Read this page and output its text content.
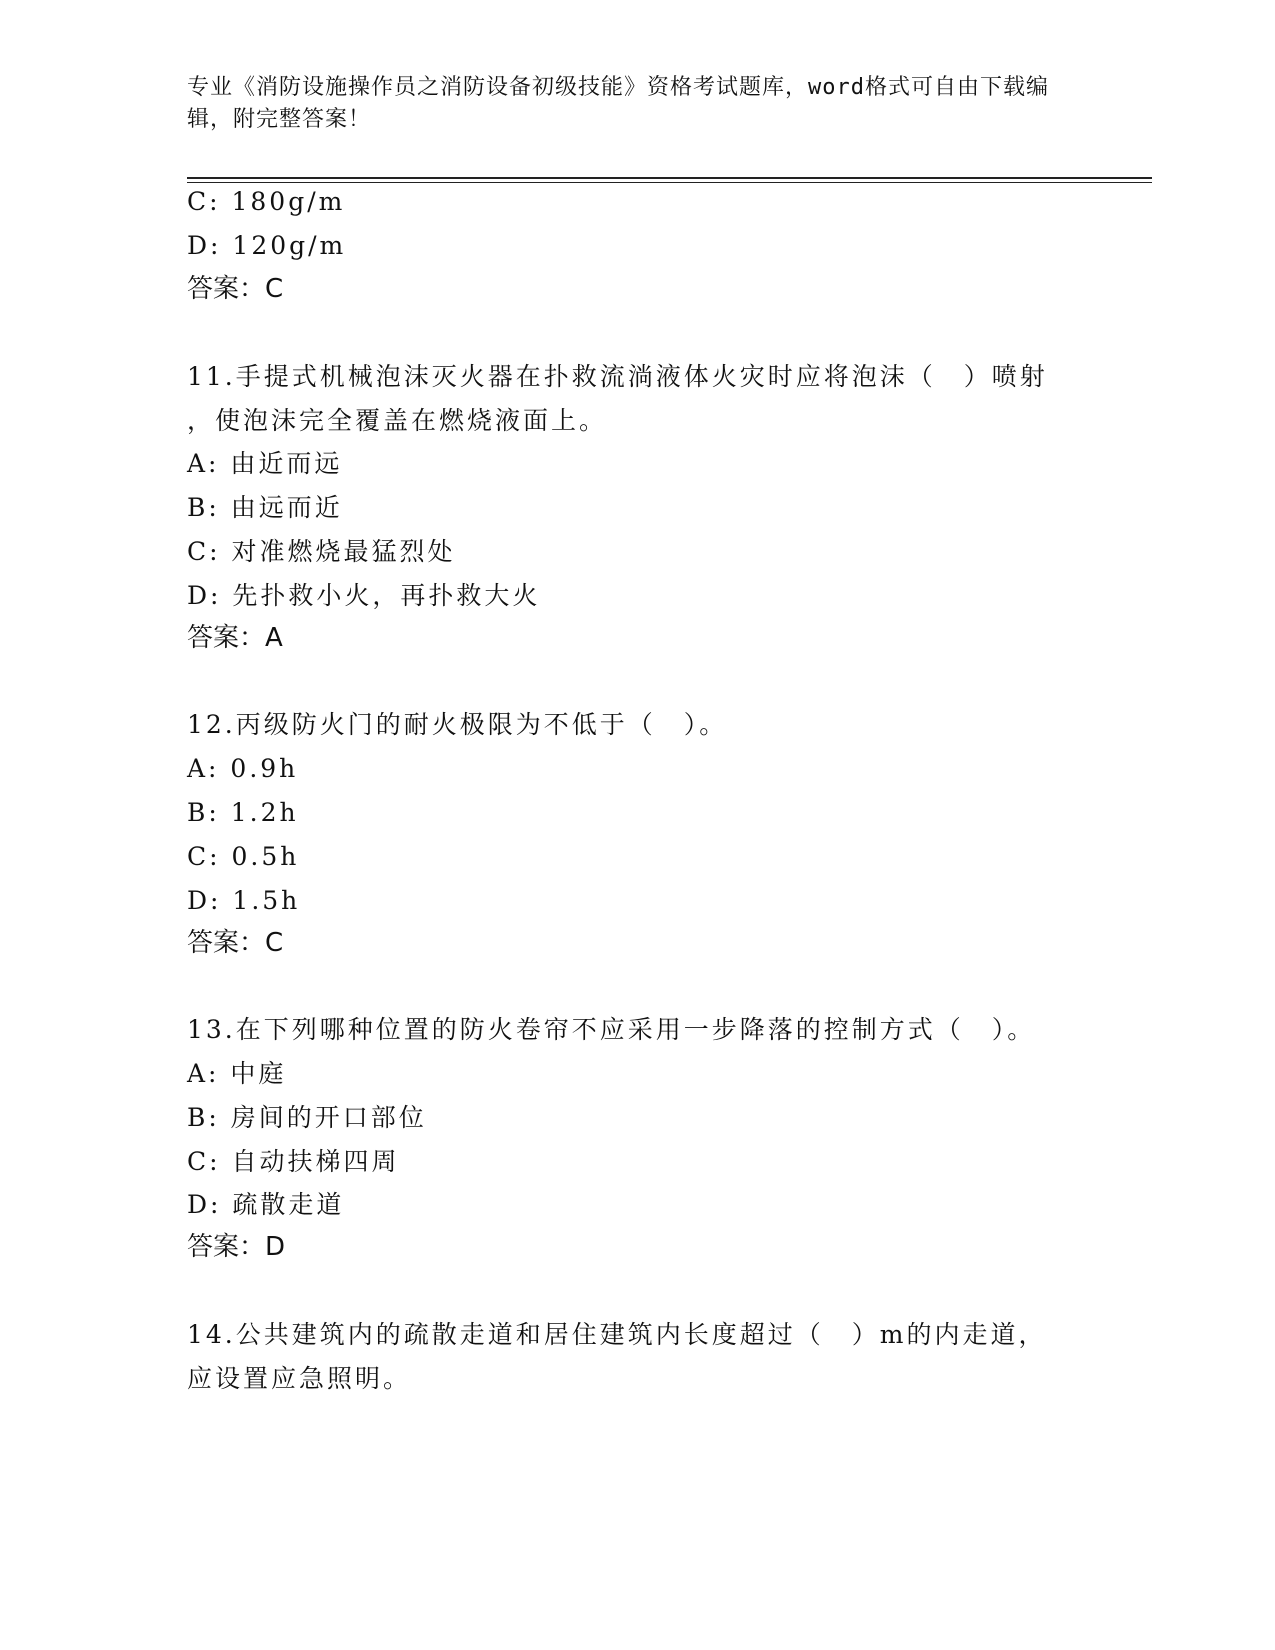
专业《消防设施操作员之消防设备初级技能》资格考试题库，word格式可自由下载编辑，附完整答案！
C: 180g/m
D: 120g/m
答案：C
11.手提式机械泡沫灭火器在扑救流淌液体火灾时应将泡沫（　）喷射
，使泡沫完全覆盖在燃烧液面上。
A: 由近而远
B: 由远而近
C: 对准燃烧最猛烈处
D: 先扑救小火，再扑救大火
答案：A
12.丙级防火门的耐火极限为不低于（　）。
A: 0.9h
B: 1.2h
C: 0.5h
D: 1.5h
答案：C
13.在下列哪种位置的防火卷帘不应采用一步降落的控制方式（　）。
A: 中庭
B: 房间的开口部位
C: 自动扶梯四周
D: 疏散走道
答案：D
14.公共建筑内的疏散走道和居住建筑内长度超过（　）m的内走道，
应设置应急照明。
